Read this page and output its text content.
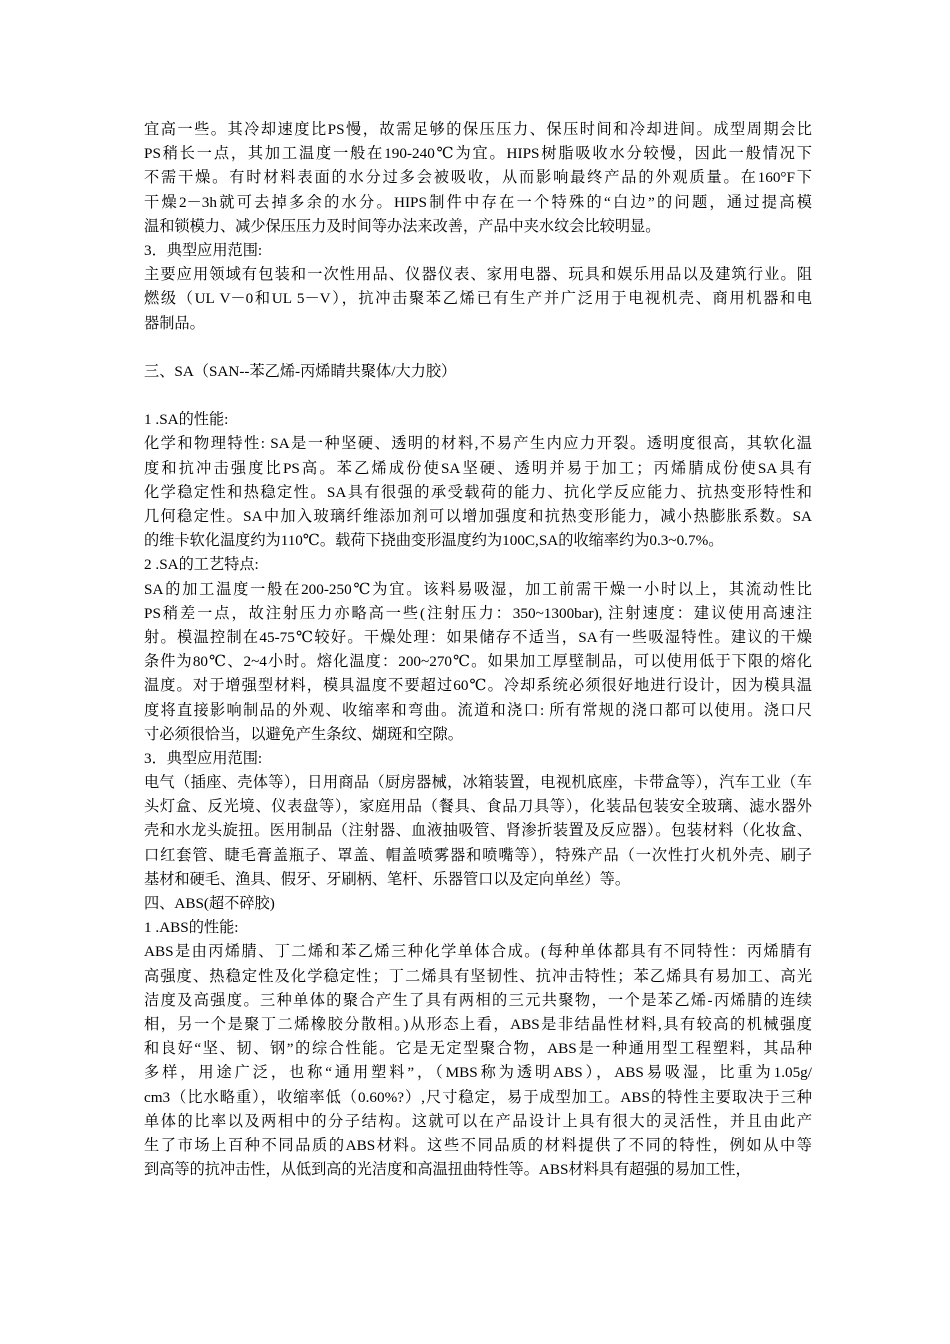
宜高一些。其冷却速度比PS慢，故需足够的保压压力、保压时间和冷却进间。成型周期会比
PS稍长一点，其加工温度一般在190-240℃为宜。HIPS树脂吸收水分较慢，因此一般情况下
不需干燥。有时材料表面的水分过多会被吸收，从而影响最终产品的外观质量。在160°F下
干燥2－3h就可去掉多余的水分。HIPS制件中存在一个特殊的“白边”的问题，通过提高模
温和锁模力、减少保压压力及时间等办法来改善，产品中夹水纹会比较明显。
3．典型应用范围:
主要应用领域有包装和一次性用品、仪器仪表、家用电器、玩具和娱乐用品以及建筑行业。阻
燃级（UL V－0和UL 5－V），抗冲击聚苯乙烯已有生产并广泛用于电视机壳、商用机器和电
器制品。
三、SA（SAN--苯乙烯-丙烯睛共聚体/大力胶）
1 .SA的性能:
化学和物理特性: SA是一种坚硬、透明的材料,不易产生内应力开裂。透明度很高，其软化温
度和抗冲击强度比PS高。苯乙烯成份使SA坚硬、透明并易于加工；丙烯腈成份使SA具有
化学稳定性和热稳定性。SA具有很强的承受载荷的能力、抗化学反应能力、抗热变形特性和
几何稳定性。SA中加入玻璃纤维添加剂可以增加强度和抗热变形能力，减小热膨胀系数。SA
的维卡软化温度约为110℃。载荷下挠曲变形温度约为100C,SA的收缩率约为0.3~0.7%。
2 .SA的工艺特点:
SA的加工温度一般在200-250℃为宜。该料易吸湿，加工前需干燥一小时以上，其流动性比
PS稍差一点，故注射压力亦略高一些(注射压力：350~1300bar), 注射速度：建议使用高速注
射。模温控制在45-75℃较好。干燥处理：如果储存不适当，SA有一些吸湿特性。建议的干燥
条件为80℃、2~4小时。熔化温度：200~270℃。如果加工厚壁制品，可以使用低于下限的熔化
温度。对于增强型材料，模具温度不要超过60℃。冷却系统必须很好地进行设计，因为模具温
度将直接影响制品的外观、收缩率和弯曲。流道和浇口: 所有常规的浇口都可以使用。浇口尺
寸必须很恰当，以避免产生条纹、煳斑和空隙。
3．典型应用范围:
电气（插座、壳体等），日用商品（厨房器械，冰箱装置，电视机底座，卡带盒等），汽车工业（车
头灯盒、反光境、仪表盘等），家庭用品（餐具、食品刀具等），化装品包装安全玻璃、滤水器外
壳和水龙头旋扭。医用制品（注射器、血液抽吸管、肾渗折装置及反应器）。包装材料（化妆盒、
口红套管、睫毛膏盖瓶子、罩盖、帽盖喷雾器和喷嘴等），特殊产品（一次性打火机外壳、刷子
基材和硬毛、渔具、假牙、牙刷柄、笔杆、乐器管口以及定向单丝）等。
四、ABS(超不碎胶)
1 .ABS的性能:
ABS是由丙烯腈、丁二烯和苯乙烯三种化学单体合成。(每种单体都具有不同特性：丙烯腈有
高强度、热稳定性及化学稳定性；丁二烯具有坚韧性、抗冲击特性；苯乙烯具有易加工、高光
洁度及高强度。三种单体的聚合产生了具有两相的三元共聚物，一个是苯乙烯-丙烯腈的连续
相，另一个是聚丁二烯橡胶分散相。)从形态上看，ABS是非结晶性材料,具有较高的机械强度
和良好“坚、韧、钢”的综合性能。它是无定型聚合物，ABS是一种通用型工程塑料，其品种
多样，用途广泛，也称“通用塑料”，（MBS称为透明ABS），ABS易吸湿，比重为1.05g/
cm3（比水略重），收缩率低（0.60%?）,尺寸稳定，易于成型加工。ABS的特性主要取决于三种
单体的比率以及两相中的分子结构。这就可以在产品设计上具有很大的灵活性，并且由此产
生了市场上百种不同品质的ABS材料。这些不同品质的材料提供了不同的特性，例如从中等
到高等的抗冲击性，从低到高的光洁度和高温扭曲特性等。ABS材料具有超强的易加工性，
